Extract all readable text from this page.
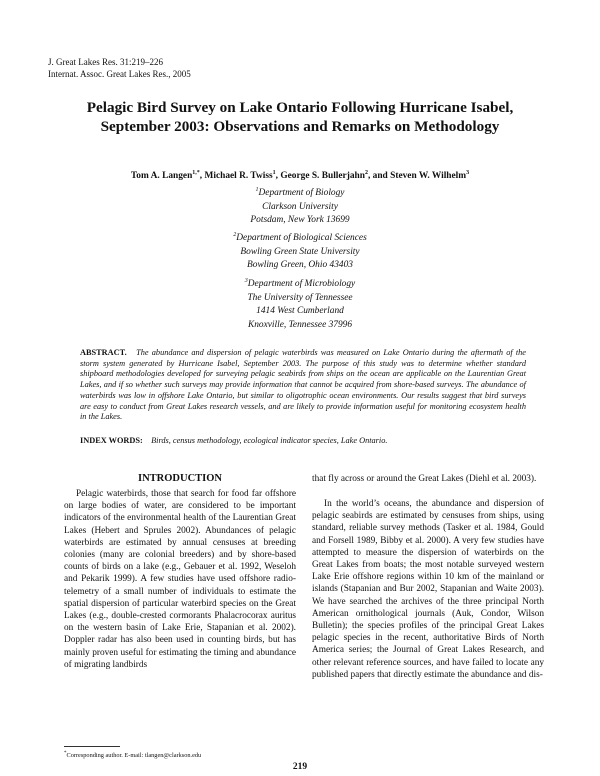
J. Great Lakes Res. 31:219–226
Internat. Assoc. Great Lakes Res., 2005
Pelagic Bird Survey on Lake Ontario Following Hurricane Isabel,
September 2003: Observations and Remarks on Methodology
Tom A. Langen$^{1,*}$, Michael R. Twiss$^1$, George S. Bullerjahn$^2$, and Steven W. Wilhelm$^3$
$^1$Department of Biology
Clarkson University
Potsdam, New York 13699
$^2$Department of Biological Sciences
Bowling Green State University
Bowling Green, Ohio 43403
$^3$Department of Microbiology
The University of Tennessee
1414 West Cumberland
Knoxville, Tennessee 37996
ABSTRACT. The abundance and dispersion of pelagic waterbirds was measured on Lake Ontario during the aftermath of the storm system generated by Hurricane Isabel, September 2003. The purpose of this study was to determine whether standard shipboard methodologies developed for surveying pelagic seabirds from ships on the ocean are applicable on the Laurentian Great Lakes, and if so whether such surveys may provide information that cannot be acquired from shore-based surveys. The abundance of waterbirds was low in offshore Lake Ontario, but similar to oligotrophic ocean environments. Our results suggest that bird surveys are easy to conduct from Great Lakes research vessels, and are likely to provide information useful for monitoring ecosystem health in the Lakes.
INDEX WORDS: Birds, census methodology, ecological indicator species, Lake Ontario.
INTRODUCTION
Pelagic waterbirds, those that search for food far offshore on large bodies of water, are considered to be important indicators of the environmental health of the Laurentian Great Lakes (Hebert and Sprules 2002). Abundances of pelagic waterbirds are estimated by annual censuses at breeding colonies (many are colonial breeders) and by shore-based counts of birds on a lake (e.g., Gebauer et al. 1992, Weseloh and Pekarik 1999). A few studies have used offshore radio-telemetry of a small number of individuals to estimate the spatial dispersion of particular waterbird species on the Great Lakes (e.g., double-crested cormorants Phalacrocorax auritus on the western basin of Lake Erie, Stapanian et al. 2002). Doppler radar has also been used in counting birds, but has mainly proven useful for estimating the timing and abundance of migrating landbirds
that fly across or around the Great Lakes (Diehl et al. 2003).
In the world’s oceans, the abundance and dispersion of pelagic seabirds are estimated by censuses from ships, using standard, reliable survey methods (Tasker et al. 1984, Gould and Forsell 1989, Bibby et al. 2000). A very few studies have attempted to measure the dispersion of waterbirds on the Great Lakes from boats; the most notable surveyed western Lake Erie offshore regions within 10 km of the mainland or islands (Stapanian and Bur 2002, Stapanian and Waite 2003). We have searched the archives of the three principal North American ornithological journals (Auk, Condor, Wilson Bulletin); the species profiles of the principal Great Lakes pelagic species in the recent, authoritative Birds of North America series; the Journal of Great Lakes Research, and other relevant reference sources, and have failed to locate any published papers that directly estimate the abundance and dis-
*Corresponding author. E-mail: tlangen@clarkson.edu
219
